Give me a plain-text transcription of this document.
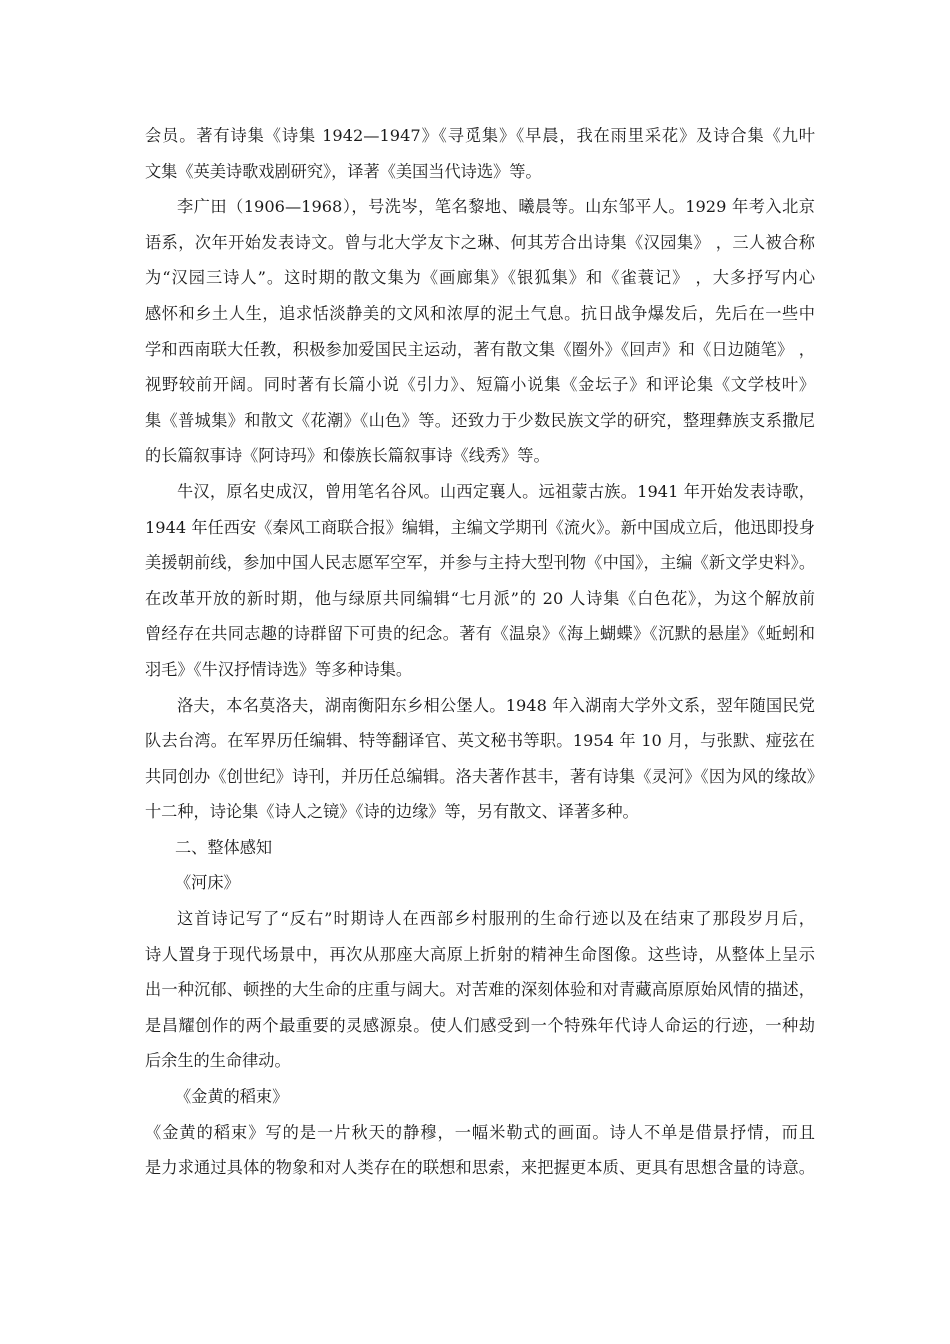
会员。著有诗集《诗集 1942—1947》《寻觅集》《早晨，我在雨里采花》及诗合集《九叶
文集《英美诗歌戏剧研究》，译著《美国当代诗选》等。
李广田（1906—1968），号洗岑，笔名黎地、曦晨等。山东邹平人。1929 年考入北京
语系，次年开始发表诗文。曾与北大学友卞之琳、何其芳合出诗集《汉园集》 ，三人被合称
为“汉园三诗人”。这时期的散文集为《画廊集》《银狐集》和《雀蓑记》 ，大多抒写内心
感怀和乡土人生，追求恬淡静美的文风和浓厚的泥土气息。抗日战争爆发后，先后在一些中
学和西南联大任教，积极参加爱国民主运动，著有散文集《圈外》《回声》和《日边随笔》 ，
视野较前开阔。同时著有长篇小说《引力》、短篇小说集《金坛子》和评论集《文学枝叶》
集《普城集》和散文《花潮》《山色》等。还致力于少数民族文学的研究，整理彝族支系撒尼
的长篇叙事诗《阿诗玛》和傣族长篇叙事诗《线秀》等。
牛汉，原名史成汉，曾用笔名谷风。山西定襄人。远祖蒙古族。1941 年开始发表诗歌，
1944 年任西安《秦风工商联合报》编辑，主编文学期刊《流火》。新中国成立后，他迅即投身
美援朝前线，参加中国人民志愿军空军，并参与主持大型刊物《中国》，主编《新文学史料》。
在改革开放的新时期，他与绿原共同编辑“七月派”的 20 人诗集《白色花》，为这个解放前
曾经存在共同志趣的诗群留下可贵的纪念。著有《温泉》《海上蝴蝶》《沉默的悬崖》《蚯蚓和
羽毛》《牛汉抒情诗选》等多种诗集。
洛夫，本名莫洛夫，湖南衡阳东乡相公堡人。1948 年入湖南大学外文系，翌年随国民党
队去台湾。在军界历任编辑、特等翻译官、英文秘书等职。1954 年 10 月，与张默、痖弦在
共同创办《创世纪》诗刊，并历任总编辑。洛夫著作甚丰，著有诗集《灵河》《因为风的缘故》
十二种，诗论集《诗人之镜》《诗的边缘》等，另有散文、译著多种。
二、整体感知
《河床》
这首诗记写了“反右”时期诗人在西部乡村服刑的生命行迹以及在结束了那段岁月后，
诗人置身于现代场景中，再次从那座大高原上折射的精神生命图像。这些诗，从整体上呈示
出一种沉郁、顿挫的大生命的庄重与阔大。对苦难的深刻体验和对青藏高原原始风情的描述，
是昌耀创作的两个最重要的灵感源泉。使人们感受到一个特殊年代诗人命运的行迹，一种劫
后余生的生命律动。
《金黄的稻束》
《金黄的稻束》写的是一片秋天的静穆，一幅米勒式的画面。诗人不单是借景抒情，而且
是力求通过具体的物象和对人类存在的联想和思索，来把握更本质、更具有思想含量的诗意。
